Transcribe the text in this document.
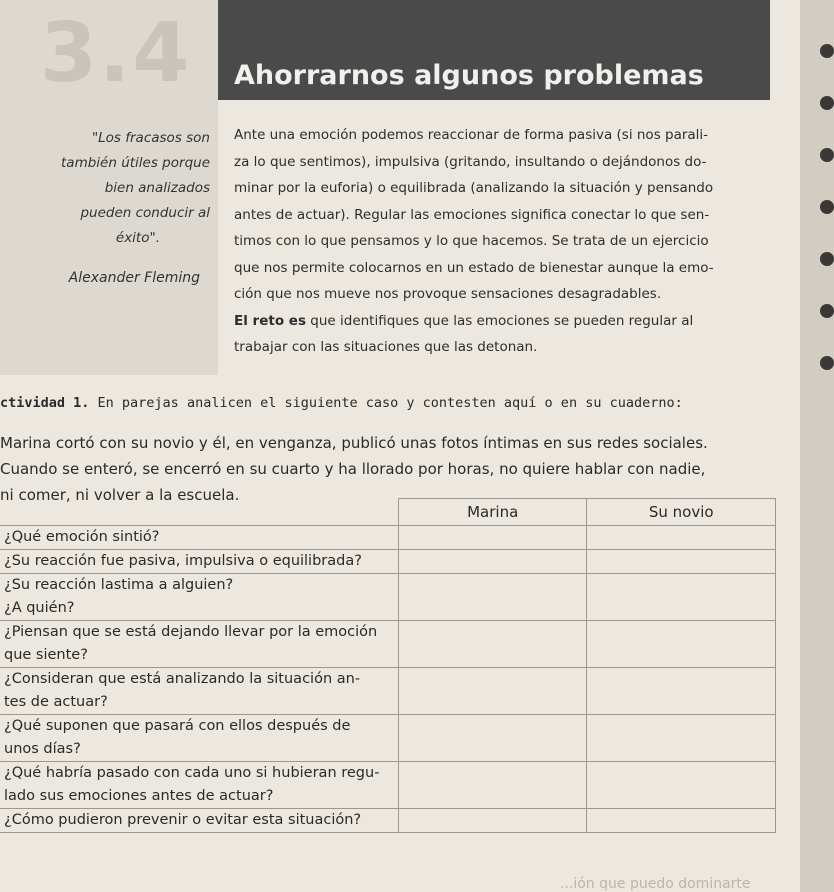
3.4 Ahorrarnos algunos problemas
"Los fracasos son
también útiles porque
bien analizados
pueden conducir al
éxito".
Alexander Fleming

Ante una emoción podemos reaccionar de forma pasiva (si nos parali-

za lo que sentimos), impulsiva (gritando, insultando o dejándonos do-

minar por la euforia) o equilibrada (analizando la situación y pensando

antes de actuar). Regular las emociones significa conectar lo que sen-

timos con lo que pensamos y lo que hacemos. Se trata de un ejercicio

que nos permite colocarnos en un estado de bienestar aunque la emo-

ción que nos mueve nos provoque sensaciones desagradables.

El reto es que identifiques que las emociones se pueden regular al

trabajar con las situaciones que las detonan.

ctividad 1. En parejas analicen el siguiente caso y contesten aquí o en su cuaderno:
Marina cortó con su novio y él, en venganza, publicó unas fotos íntimas en sus redes sociales.
Cuando se enteró, se encerró en su cuarto y ha llorado por horas, no quiere hablar con nadie,
ni comer, ni volver a la escuela.
	Marina	Su novio

¿Qué emoción sintió?		

¿Su reacción fue pasiva, impulsiva o equilibrada?		

¿Su reacción lastima a alguien?
¿A quién?		

¿Piensan que se está dejando llevar por la emoción
que siente?		

¿Consideran que está analizando la situación an-
tes de actuar?		

¿Qué suponen que pasará con ellos después de
unos días?		

¿Qué habría pasado con cada uno si hubieran regu-
lado sus emociones antes de actuar?		

¿Cómo pudieron prevenir o evitar esta situación?		

...ión que puedo dominarte
